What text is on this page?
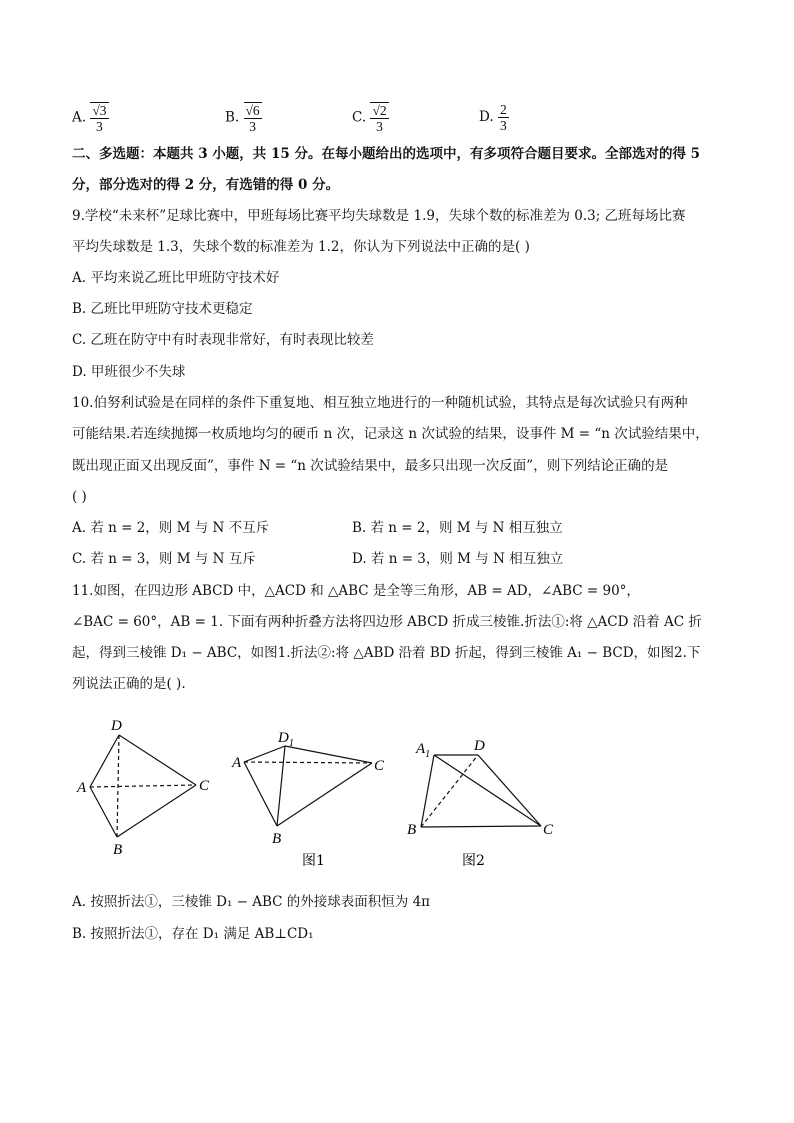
A. $\frac{√3}{3}$	B. $\frac{√6}{3}$	C. $\frac{√2}{3}$	D. $\frac{2}{3}$
二、多选题：本题共 3 小题，共 15 分。在每小题给出的选项中，有多项符合题目要求。全部选对的得 5
分，部分选对的得 2 分，有选错的得 0 分。
9.学校“未来杯”足球比赛中，甲班每场比赛平均失球数是 1.9，失球个数的标准差为 0.3; 乙班每场比赛
平均失球数是 1.3，失球个数的标准差为 1.2，你认为下列说法中正确的是( )
A. 平均来说乙班比甲班防守技术好
B. 乙班比甲班防守技术更稳定
C. 乙班在防守中有时表现非常好，有时表现比较差
D. 甲班很少不失球
10.伯努利试验是在同样的条件下重复地、相互独立地进行的一种随机试验，其特点是每次试验只有两种
可能结果.若连续抛掷一枚质地均匀的硬币 n 次，记录这 n 次试验的结果，设事件 M = “n 次试验结果中，
既出现正面又出现反面”，事件 N = “n 次试验结果中，最多只出现一次反面”，则下列结论正确的是
( )
A. 若 n = 2，则 M 与 N 不互斥	B. 若 n = 2，则 M 与 N 相互独立
C. 若 n = 3，则 M 与 N 互斥	D. 若 n = 3，则 M 与 N 相互独立
11.如图，在四边形 ABCD 中，△ACD 和 △ABC 是全等三角形，AB = AD，∠ABC = 90°，
∠BAC = 60°，AB = 1. 下面有两种折叠方法将四边形 ABCD 折成三棱锥.折法①:将 △ACD 沿着 AC 折
起，得到三棱锥 D₁ − ABC，如图1.折法②:将 △ABD 沿着 BD 折起，得到三棱锥 A₁ − BCD，如图2.下
列说法正确的是( ).
D
A	C
B
$D_1$
A	C
B
图1
$A_1$
D
B	C
图2
A. 按照折法①，三棱锥 D₁ − ABC 的外接球表面积恒为 4π
B. 按照折法①，存在 D₁ 满足 AB⊥CD₁
